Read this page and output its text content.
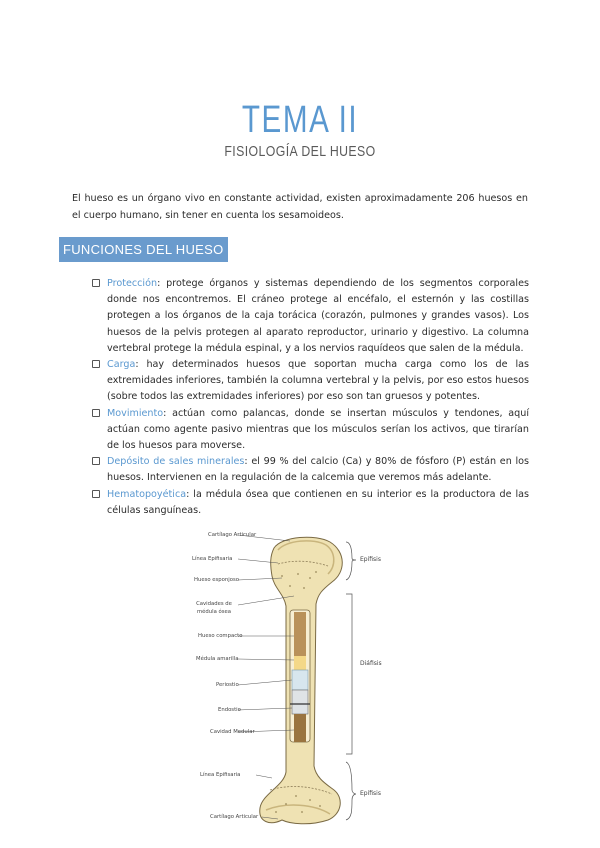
TEMA II
FISIOLOGÍA DEL HUESO

El hueso es un órgano vivo en constante actividad, existen aproximadamente 206 huesos en el cuerpo humano, sin tener en cuenta los sesamoideos.

FUNCIONES DEL HUESO
Protección: protege órganos y sistemas dependiendo de los segmentos corporales donde nos encontremos. El cráneo protege al encéfalo, el esternón y las costillas protegen a los órganos de la caja torácica (corazón, pulmones y grandes vasos). Los huesos de la pelvis protegen al aparato reproductor, urinario y digestivo. La columna vertebral protege la médula espinal, y a los nervios raquídeos que salen de la médula.
Carga: hay determinados huesos que soportan mucha carga como los de las extremidades inferiores, también la columna vertebral y la pelvis, por eso estos huesos (sobre todos las extremidades inferiores) por eso son tan gruesos y potentes.
Movimiento: actúan como palancas, donde se insertan músculos y tendones, aquí actúan como agente pasivo mientras que los músculos serían los activos, que tirarían de los huesos para moverse.
Depósito de sales minerales: el 99 % del calcio (Ca) y 80% de fósforo (P) están en los huesos. Intervienen en la regulación de la calcemia que veremos más adelante.
Hematopoyética: la médula ósea que contienen en su interior es la productora de las células sanguíneas.
Cartílago Articular
Línea Epifisaria
Hueso esponjoso
Cavidades de médula ósea
Hueso compacto
Médula amarilla
Periostio
Endostio
Cavidad Medular
Línea Epifisaria
Cartílago Articular
Epífisis
Diáfisis
Epífisis
